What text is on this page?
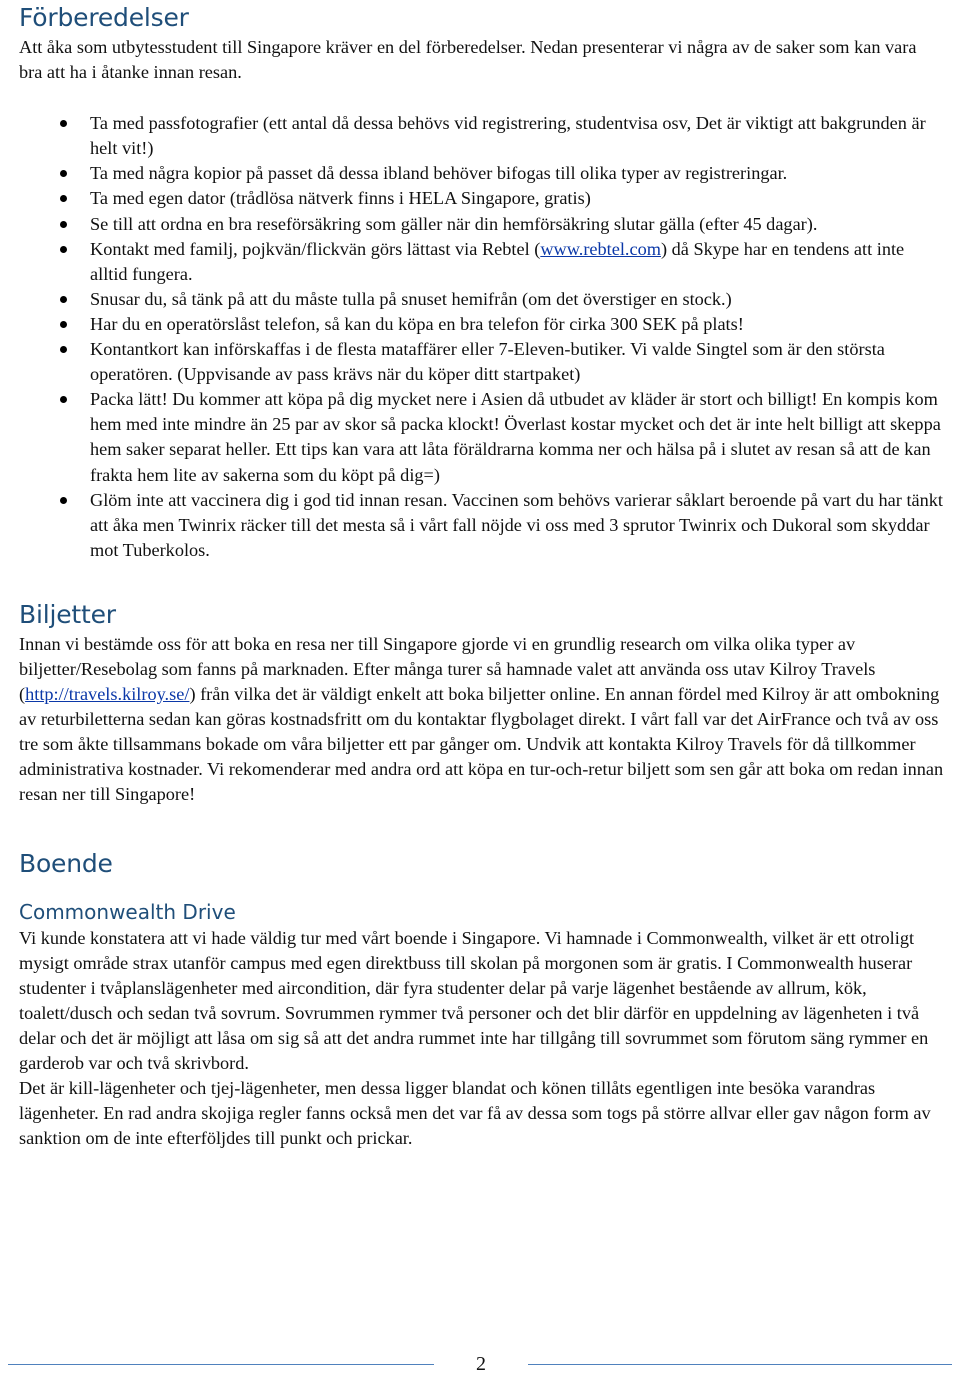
Förberedelser

Att åka som utbytesstudent till Singapore kräver en del förberedelser. Nedan presenterar vi några av de saker som kan vara bra att ha i åtanke innan resan.

Ta med passfotografier (ett antal då dessa behövs vid registrering, studentvisa osv, Det är viktigt att bakgrunden är helt vit!)
Ta med några kopior på passet då dessa ibland behöver bifogas till olika typer av registreringar.
Ta med egen dator (trådlösa nätverk finns i HELA Singapore, gratis)
Se till att ordna en bra reseförsäkring som gäller när din hemförsäkring slutar gälla (efter 45 dagar).
Kontakt med familj, pojkvän/flickvän görs lättast via Rebtel (www.rebtel.com) då Skype har en tendens att inte alltid fungera.
Snusar du, så tänk på att du måste tulla på snuset hemifrån (om det överstiger en stock.)
Har du en operatörslåst telefon, så kan du köpa en bra telefon för cirka 300 SEK på plats!
Kontantkort kan införskaffas i de flesta mataffärer eller 7-Eleven-butiker. Vi valde Singtel som är den största operatören. (Uppvisande av pass krävs när du köper ditt startpaket)
Packa lätt! Du kommer att köpa på dig mycket nere i Asien då utbudet av kläder är stort och billigt! En kompis kom hem med inte mindre än 25 par av skor så packa klockt! Överlast kostar mycket och det är inte helt billigt att skeppa hem saker separat heller. Ett tips kan vara att låta föräldrarna komma ner och hälsa på i slutet av resan så att de kan frakta hem lite av sakerna som du köpt på dig=)
Glöm inte att vaccinera dig i god tid innan resan. Vaccinen som behövs varierar såklart beroende på vart du har tänkt att åka men Twinrix räcker till det mesta så i vårt fall nöjde vi oss med 3 sprutor Twinrix och Dukoral som skyddar mot Tuberkolos.
Biljetter

Innan vi bestämde oss för att boka en resa ner till Singapore gjorde vi en grundlig research om vilka olika typer av biljetter/Resebolag som fanns på marknaden. Efter många turer så hamnade valet att använda oss utav Kilroy Travels (http://travels.kilroy.se/) från vilka det är väldigt enkelt att boka biljetter online. En annan fördel med Kilroy är att ombokning av returbiletterna sedan kan göras kostnadsfritt om du kontaktar flygbolaget direkt. I vårt fall var det AirFrance och två av oss tre som åkte tillsammans bokade om våra biljetter ett par gånger om. Undvik att kontakta Kilroy Travels för då tillkommer administrativa kostnader. Vi rekomenderar med andra ord att köpa en tur-och-retur biljett som sen går att boka om redan innan resan ner till Singapore!

Boende
Commonwealth Drive

Vi kunde konstatera att vi hade väldig tur med vårt boende i Singapore. Vi hamnade i Commonwealth, vilket är ett otroligt mysigt område strax utanför campus med egen direktbuss till skolan på morgonen som är gratis. I Commonwealth huserar studenter i tvåplanslägenheter med aircondition, där fyra studenter delar på varje lägenhet bestående av allrum, kök, toalett/dusch och sedan två sovrum. Sovrummen rymmer två personer och det blir därför en uppdelning av lägenheten i två delar och det är möjligt att låsa om sig så att det andra rummet inte har tillgång till sovrummet som förutom säng rymmer en garderob var och två skrivbord.

Det är kill-lägenheter och tjej-lägenheter, men dessa ligger blandat och könen tillåts egentligen inte besöka varandras lägenheter. En rad andra skojiga regler fanns också men det var få av dessa som togs på större allvar eller gav någon form av sanktion om de inte efterföljdes till punkt och prickar.

2
